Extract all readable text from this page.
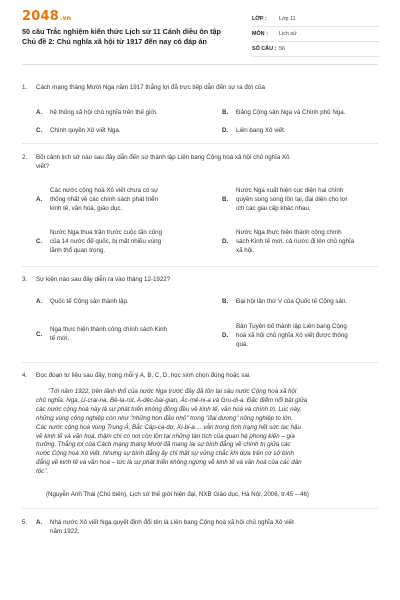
2048.vn
50 câu Trắc nghiệm kiến thức Lịch sử 11 Cánh diều ôn tập
Chủ đề 2: Chủ nghĩa xã hội từ 1917 đến nay có đáp án
LỚP :	Lớp 11
MÔN :	Lịch sử
SỐ CÂU : 56
1.	Cách mạng tháng Mười Nga năm 1917 thắng lợi đã trực tiếp dẫn đến sự ra đời của
A. hệ thống xã hội chủ nghĩa trên thế giới.	B. Đảng Cộng sản Nga và Chính phủ Nga.
C. Chính quyền Xô viết Nga.	D. Liên bang Xô viết.
2.	Bối cảnh lịch sử nào sau đây dẫn đến sự thành lập Liên bang Cộng hoà xã hội chủ nghĩa Xô
viết?
A.
Các nước cộng hoà Xô viết chưa có sự
thống nhất về các chính sách phát triển
kinh tế, văn hoá, giáo dục.
B.
Nước Nga xuất hiện cục diện hai chính
quyền song song tồn tại, đại diện cho lợi
ích các giai cấp khác nhau.
C.
Nước Nga thua trận trước cuộc tấn công
của 14 nước đế quốc, bị mất nhiều vùng
lãnh thổ quan trọng.
D.
Nước Nga thực hiện thành công chính
sách Kinh tế mới, cả nước đi lên chủ nghĩa
xã hội.
3.	Sự kiện nào sau đây diễn ra vào tháng 12-1922?
A. Quốc tế Cộng sản thành lập.	B. Đại hội lần thứ V của Quốc tế Cộng sản.
C.
Nga thực hiện thành công chính sách Kinh
tế mới.	D.
Bản Tuyên bố thành lập Liên bang Cộng
hoà xã hội chủ nghĩa Xô viết được thông
qua.
4.	Đọc đoạn tư liệu sau đây, trong mỗi ý A, B, C, D, học sinh chọn đúng hoặc sai.
"Tới năm 1922, trên lãnh thổ của nước Nga trước đây đã tồn tại sáu nước Cộng hoà xã hội
chủ nghĩa: Nga, U-crai-na, Bê-la-rút, A-déc-bai-gian, Ác-mê-ni-a và Gru-di-a. Đặc điểm nổi bật giữa
các nước cộng hoà này là sự phát triển không đồng đều về kinh tế, văn hoá và chính trị. Lúc này,
những vùng công nghiệp còn như "những hòn đảo nhỏ" trong "đại dương" nông nghiệp to lớn.
Các nước cộng hoà vùng Trung Á, Bắc Cáp-ca-dơ, Xi-bi-a ... vẫn trong tình trạng hết sức lạc hậu
về kinh tế và văn hoá, thậm chí có nơi còn tồn tại những tàn tích của quan hệ phong kiến – gia
trưởng. Thắng lợi của Cách mạng tháng Mười đã mang lại sự bình đẳng về chính trị giữa các
nước Cộng hoà Xô viết. Nhưng sự bình đẳng ấy chỉ thật sự vững chắc khi dựa trên cơ sở bình
đẳng về kinh tế và văn hoá – tức là sự phát triển không ngừng về kinh tế và văn hoá của các dân
tộc".
(Nguyễn Anh Thái (Chủ biên), Lịch sử thế giới hiện đại, NXB Giáo dục, Hà Nội, 2006, tr.45 – 46)
5.	A. Nhà nước Xô viết Nga quyết định đổi tên là Liên bang Cộng hoà xã hội chủ nghĩa Xô viết
năm 1922.
